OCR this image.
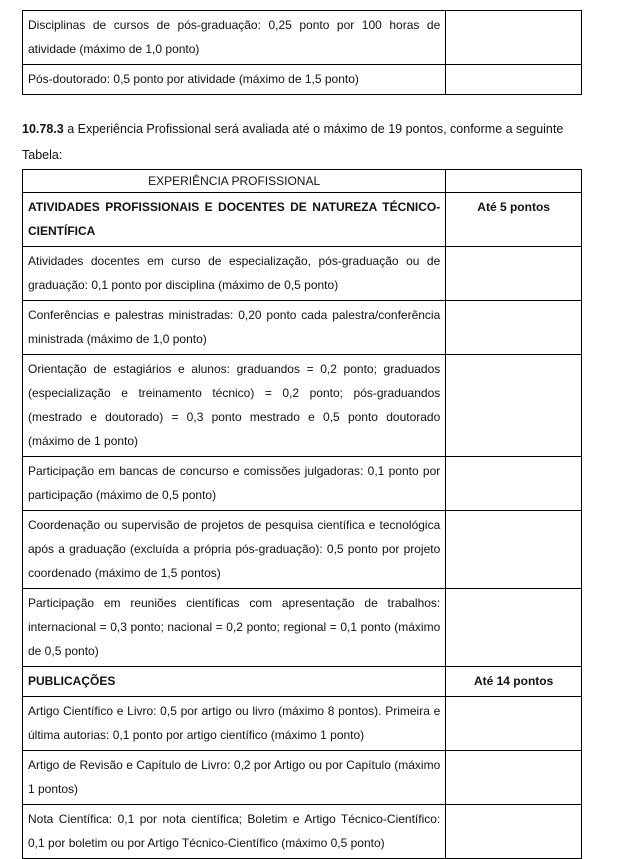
Disciplinas de cursos de pós-graduação: 0,25 ponto por 100 horas de atividade (máximo de 1,0 ponto)	
Pós-doutorado: 0,5 ponto por atividade (máximo de 1,5 ponto)	
10.78.3 a Experiência Profissional será avaliada até o máximo de 19 pontos, conforme a seguinte Tabela:
EXPERIÊNCIA PROFISSIONAL	
ATIVIDADES PROFISSIONAIS E DOCENTES DE NATUREZA TÉCNICO-CIENTÍFICA	Até 5 pontos
Atividades docentes em curso de especialização, pós-graduação ou de graduação: 0,1 ponto por disciplina (máximo de 0,5 ponto)	
Conferências e palestras ministradas: 0,20 ponto cada palestra/conferência ministrada (máximo de 1,0 ponto)	
Orientação de estagiários e alunos: graduandos = 0,2 ponto; graduados (especialização e treinamento técnico) = 0,2 ponto; pós-graduandos (mestrado e doutorado) = 0,3 ponto mestrado e 0,5 ponto doutorado (máximo de 1 ponto)	
Participação em bancas de concurso e comissões julgadoras: 0,1 ponto por participação (máximo de 0,5 ponto)	
Coordenação ou supervisão de projetos de pesquisa científica e tecnológica após a graduação (excluída a própria pós-graduação): 0,5 ponto por projeto coordenado (máximo de 1,5 pontos)	
Participação em reuniões científicas com apresentação de trabalhos: internacional = 0,3 ponto; nacional = 0,2 ponto; regional = 0,1 ponto (máximo de 0,5 ponto)	
PUBLICAÇÕES	Até 14 pontos
Artigo Científico e Livro: 0,5 por artigo ou livro (máximo 8 pontos). Primeira e última autorias: 0,1 ponto por artigo científico (máximo 1 ponto)	
Artigo de Revisão e Capítulo de Livro: 0,2 por Artigo ou por Capítulo (máximo 1 pontos)	
Nota Científica: 0,1 por nota científica; Boletim e Artigo Técnico-Científico: 0,1 por boletim ou por Artigo Técnico-Científico (máximo 0,5 ponto)	
